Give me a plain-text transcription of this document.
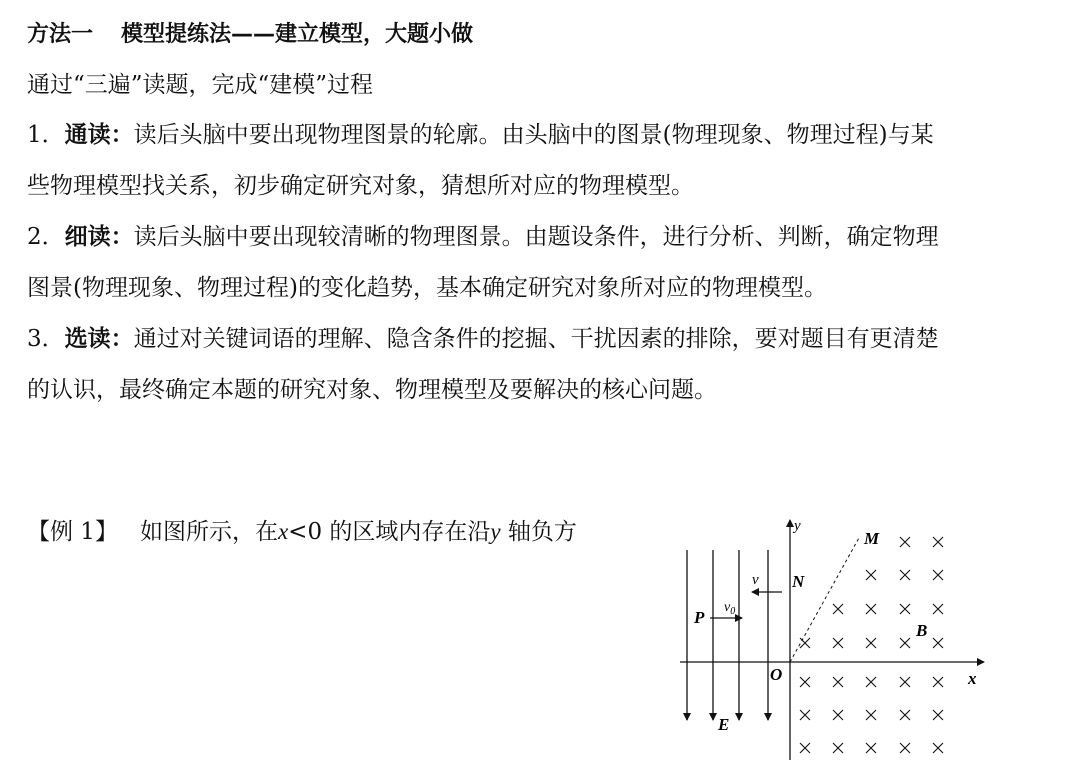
方法一 模型提练法——建立模型，大题小做
通过“三遍”读题，完成“建模”过程
1．通读：读后头脑中要出现物理图景的轮廓。由头脑中的图景(物理现象、物理过程)与某
些物理模型找关系，初步确定研究对象，猜想所对应的物理模型。
2．细读：读后头脑中要出现较清晰的物理图景。由题设条件，进行分析、判断，确定物理
图景(物理现象、物理过程)的变化趋势，基本确定研究对象所对应的物理模型。
3．选读：通过对关键词语的理解、隐含条件的挖掘、干扰因素的排除，要对题目有更清楚
的认识，最终确定本题的研究对象、物理模型及要解决的核心问题。
【例 1】 如图所示，在x<0 的区域内存在沿y 轴负方	y
x
O
M
N
P
v
$v_0$
E
B
